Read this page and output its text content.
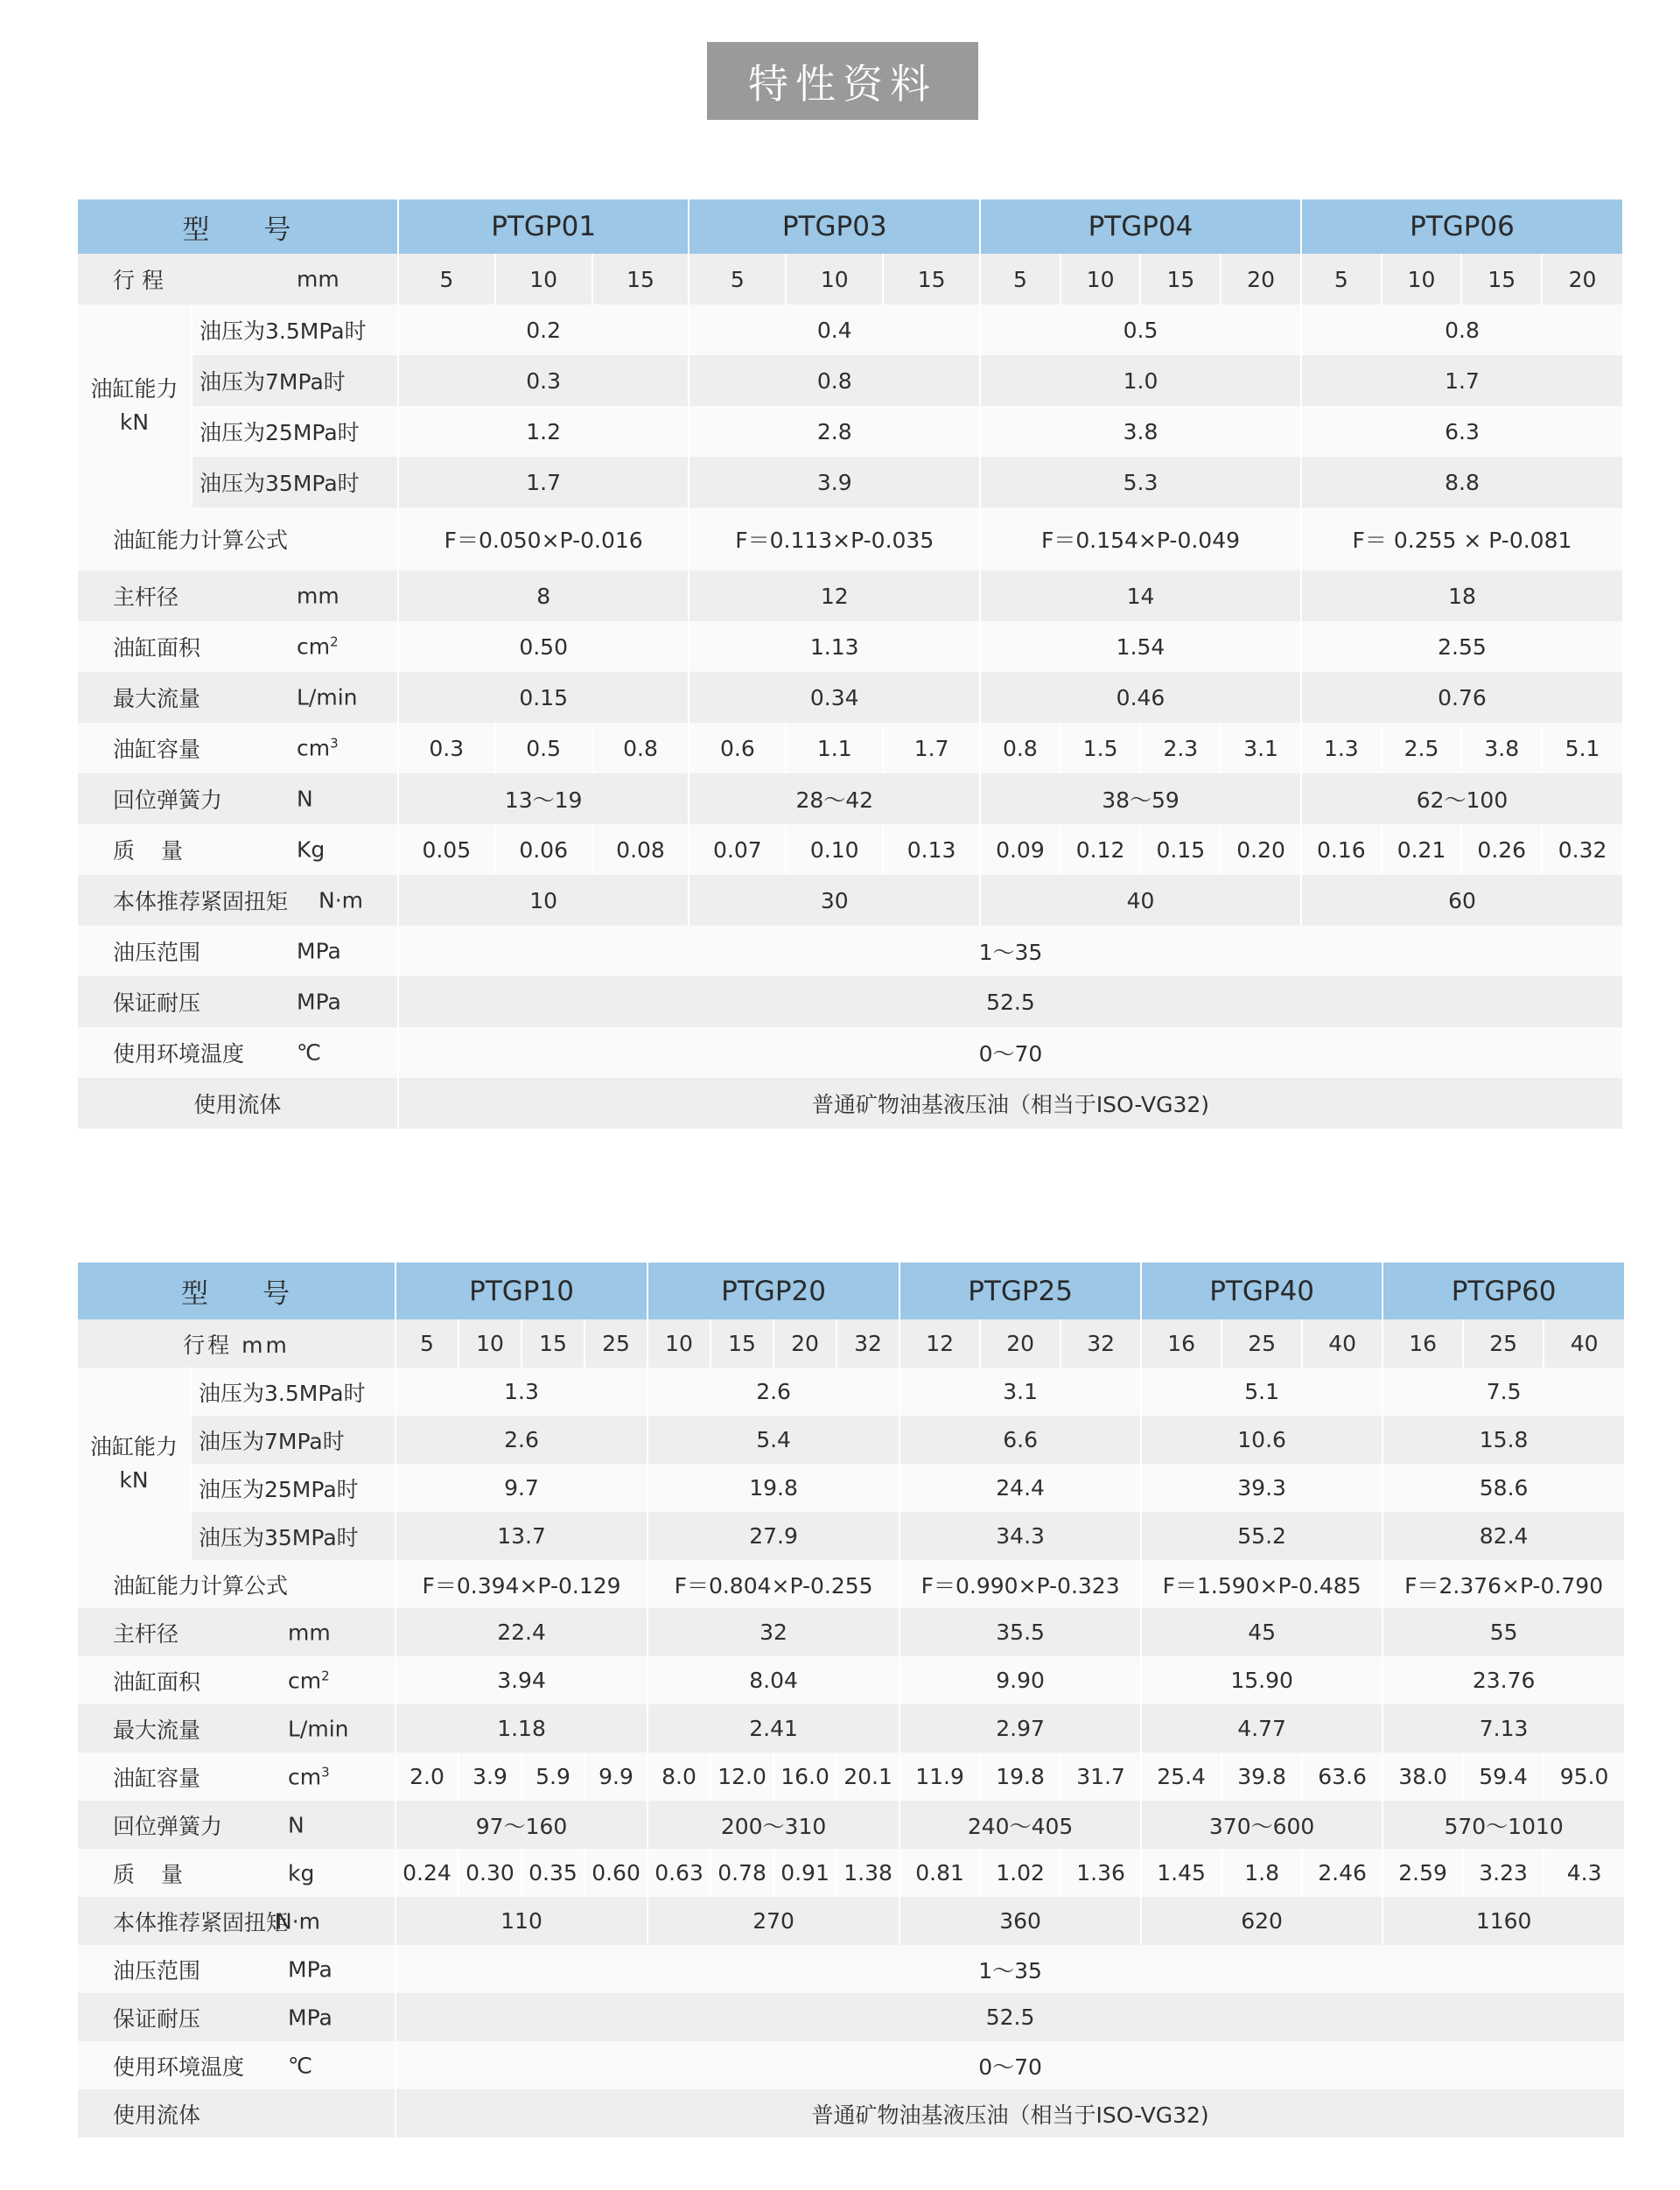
特性资料
型 号		PTGP01			PTGP03			PTGP04				PTGP06			
行程 mm		5	10	15	5	10	15	5	10	15	20	5	10	15	20

油缸能力
kN	油压为3.5MPa时	0.2			0.4			0.5				0.8			
	油压为7MPa时	0.3			0.8			1.0				1.7			
	油压为25MPa时	1.2			2.8			3.8				6.3			
	油压为35MPa时	1.7			3.9			5.3				8.8			
油缸能力计算公式		F＝0.050×P-0.016			F＝0.113×P-0.035			F＝0.154×P-0.049				F＝ 0.255 × P-0.081			
主杆径 mm		8			12			14				18			
油缸面积 $cm^2$		0.50			1.13			1.54				2.55			
最大流量 L/min		0.15			0.34			0.46				0.76			
油缸容量 $cm^3$		0.3	0.5	0.8	0.6	1.1	1.7	0.8	1.5	2.3	3.1	1.3	2.5	3.8	5.1
回位弹簧力 N		13～19			28～42			38～59				62～100			
质量 Kg		0.05	0.06	0.08	0.07	0.10	0.13	0.09	0.12	0.15	0.20	0.16	0.21	0.26	0.32
本体推荐紧固扭矩 N·m		10			30			40				60			
油压范围 MPa		1～35													
保证耐压 MPa		52.5													
使用环境温度 ℃		0～70													
使用流体		普通矿物油基液压油（相当于ISO-VG32)													
型 号		PTGP10				PTGP20				PTGP25			PTGP40			PTGP60		
行程 mm		5	10	15	25	10	15	20	32	12	20	32	16	25	40	16	25	40

油缸能力
kN	油压为3.5MPa时	1.3				2.6				3.1			5.1			7.5		
	油压为7MPa时	2.6				5.4				6.6			10.6			15.8		
	油压为25MPa时	9.7				19.8				24.4			39.3			58.6		
	油压为35MPa时	13.7				27.9				34.3			55.2			82.4		
油缸能力计算公式		F＝0.394×P-0.129				F＝0.804×P-0.255				F＝0.990×P-0.323			F＝1.590×P-0.485			F＝2.376×P-0.790		
主杆径 mm		22.4				32				35.5			45			55		
油缸面积 $cm^2$		3.94				8.04				9.90			15.90			23.76		
最大流量 L/min		1.18				2.41				2.97			4.77			7.13		
油缸容量 $cm^3$		2.0	3.9	5.9	9.9	8.0	12.0	16.0	20.1	11.9	19.8	31.7	25.4	39.8	63.6	38.0	59.4	95.0
回位弹簧力 N		97～160				200～310				240～405			370～600			570～1010		
质量 kg		0.24	0.30	0.35	0.60	0.63	0.78	0.91	1.38	0.81	1.02	1.36	1.45	1.8	2.46	2.59	3.23	4.3
本体推荐紧固扭矩
N·m		110				270				360			620			1160		
油压范围 MPa		1～35																
保证耐压 MPa		52.5																
使用环境温度 ℃		0～70																
使用流体		普通矿物油基液压油（相当于ISO-VG32)																
